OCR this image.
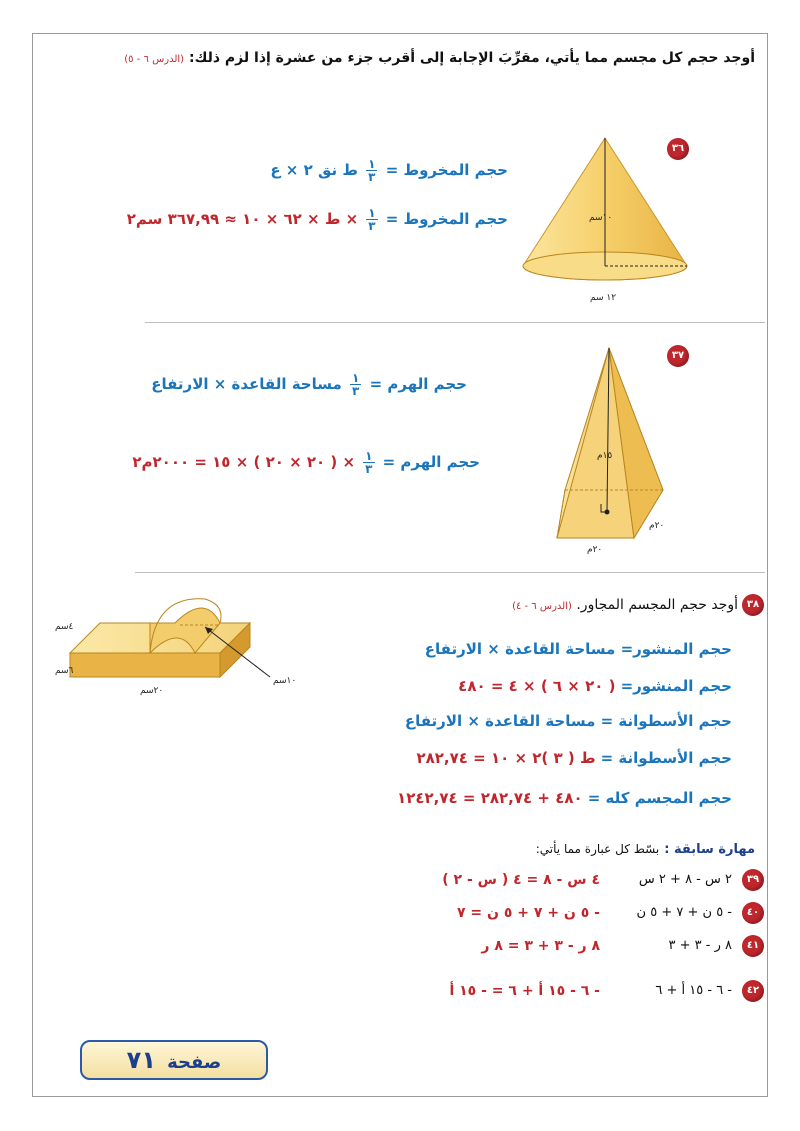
أوجد حجم كل مجسم مما يأتي، مقرِّبَ الإجابة إلى أقرب جزء من عشرة إذا لزم ذلك: (الدرس ٦ - ٥)
٣٦
١٠سم
١٢ سم
حجم المخروط =
$\frac{١}{٣}$
ط نق ٢ × ع
حجم المخروط =
$\frac{١}{٣}$
× ط × ٦٢ × ١٠ ≈ ٣٦٧,٩٩ سم٢
٣٧
١٥م
٢٠م
٢٠م
حجم الهرم =
$\frac{١}{٣}$
مساحة القاعدة × الارتفاع
حجم الهرم =
$\frac{١}{٣}$
× ( ٢٠ × ٢٠ ) × ١٥ = ٢٠٠٠م٢
٣٨
أوجد حجم المجسم المجاور. (الدرس ٦ - ٤)
٤سم
٦سم
٢٠سم
١٠سم
حجم المنشور= مساحة القاعدة × الارتفاع
حجم المنشور= ( ٢٠ × ٦ ) × ٤ = ٤٨٠
حجم الأسطوانة = مساحة القاعدة × الارتفاع
حجم الأسطوانة = ط ( ٣ )٢ × ١٠ = ٢٨٢,٧٤
حجم المجسم كله = ٤٨٠ + ٢٨٢,٧٤ = ١٢٤٢,٧٤
مهارة سابقة : بسّط كل عبارة مما يأتي:
٣٩
٢ س - ٨ + ٢ س
٤ س - ٨ = ٤ ( س - ٢ )
٤٠
- ٥ ن + ٧ + ٥ ن
- ٥ ن + ٧ + ٥ ن = ٧
٤١
٨ ر - ٣ + ٣
٨ ر - ٣ + ٣ = ٨ ر
٤٢
- ٦ - ١٥ أ + ٦
- ٦ - ١٥ أ + ٦ = - ١٥ أ
صفحة ٧١
